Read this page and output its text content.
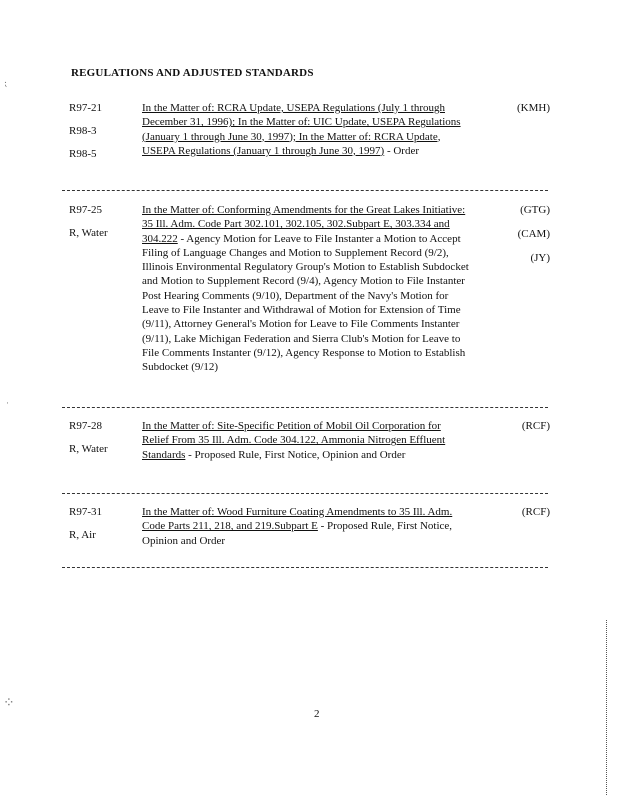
REGULATIONS AND ADJUSTED STANDARDS
R97-21
R98-3
R98-5
In the Matter of: RCRA Update, USEPA Regulations (July 1 through December 31, 1996); In the Matter of: UIC Update, USEPA Regulations (January 1 through June 30, 1997); In the Matter of: RCRA Update, USEPA Regulations (January 1 through June 30, 1997) - Order
(KMH)
R97-25
R, Water
In the Matter of: Conforming Amendments for the Great Lakes Initiative: 35 Ill. Adm. Code Part 302.101, 302.105, 302.Subpart E, 303.334 and 304.222 - Agency Motion for Leave to File Instanter a Motion to Accept Filing of Language Changes and Motion to Supplement Record (9/2), Illinois Environmental Regulatory Group's Motion to Establish Subdocket and Motion to Supplement Record (9/4), Agency Motion to File Instanter Post Hearing Comments (9/10), Department of the Navy's Motion for Leave to File Instanter and Withdrawal of Motion for Extension of Time (9/11), Attorney General's Motion for Leave to File Comments Instanter (9/11), Lake Michigan Federation and Sierra Club's Motion for Leave to File Comments Instanter (9/12), Agency Response to Motion to Establish Subdocket (9/12)
(GTG)
(CAM)
(JY)
R97-28
R, Water
In the Matter of: Site-Specific Petition of Mobil Oil Corporation for Relief From 35 Ill. Adm. Code 304.122, Ammonia Nitrogen Effluent Standards - Proposed Rule, First Notice, Opinion and Order
(RCF)
R97-31
R, Air
In the Matter of: Wood Furniture Coating Amendments to 35 Ill. Adm. Code Parts 211, 218, and 219.Subpart E - Proposed Rule, First Notice, Opinion and Order
(RCF)
2
⁏
·
⁘
